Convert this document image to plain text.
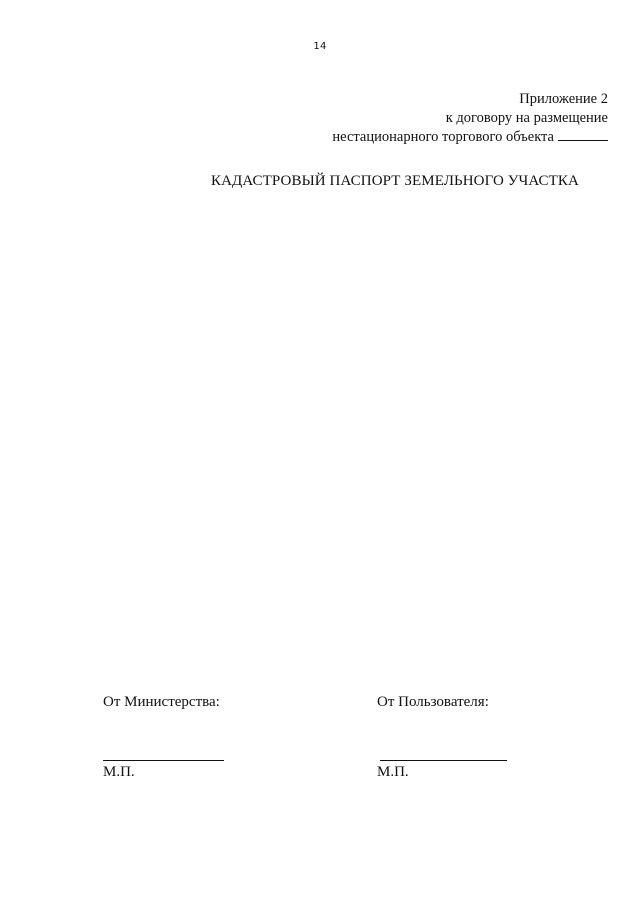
14
Приложение 2
к договору на размещение
нестационарного торгового объекта
КАДАСТРОВЫЙ ПАСПОРТ ЗЕМЕЛЬНОГО УЧАСТКА
От Министерства:	От Пользователя:
М.П.	М.П.
